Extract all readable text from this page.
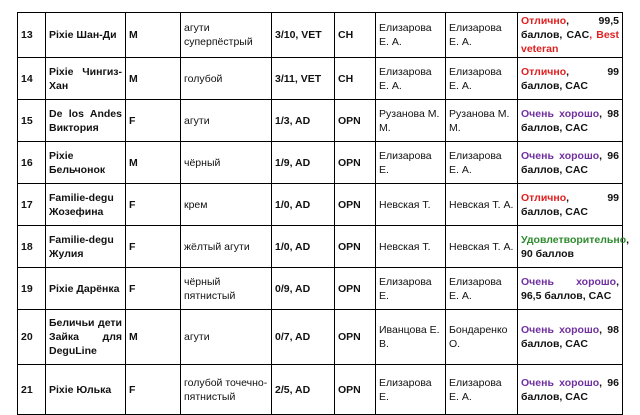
13	Pixie Шан-Ди	M	агути суперпёстрый	3/10, VET	CH	Елизарова Е. А.	Елизарова Е. А.	Отлично, 99,5 баллов, CAC, Best veteran
14	Pixie Чингиз-Хан	M	голубой	3/11, VET	CH	Елизарова Е. А.	Елизарова Е. А.	Отлично, 99 баллов, CAC
15	De los Andes Виктория	F	агути	1/3, AD	OPN	Рузанова М. М.	Рузанова М. М.	Очень хорошо, 98 баллов, CAC
16	Pixie Бельчонок	M	чёрный	1/9, AD	OPN	Елизарова Е.	Елизарова Е. А.	Очень хорошо, 96 баллов, CAC
17	Familie-degu Жозефина	F	крем	1/0, AD	OPN	Невская Т.	Невская Т. А.	Отлично, 99 баллов, CAC
18	Familie-degu Жулия	F	жёлтый агути	1/0, AD	OPN	Невская Т.	Невская Т. А.	Удовлетворительно, 90 баллов
19	Pixie Дарёнка	F	чёрный пятнистый	0/9, AD	OPN	Елизарова Е.	Елизарова Е. А.	Очень хорошо, 96,5 баллов, CAC
20	Беличьи дети Зайка для DeguLine	M	агути	0/7, AD	OPN	Иванцова Е. В.	Бондаренко О.	Очень хорошо, 98 баллов, CAC
21	Pixie Юлька	F	голубой точечно-пятнистый	2/5, AD	OPN	Елизарова Е.	Елизарова Е. А.	Очень хорошо, 96 баллов, CAC
